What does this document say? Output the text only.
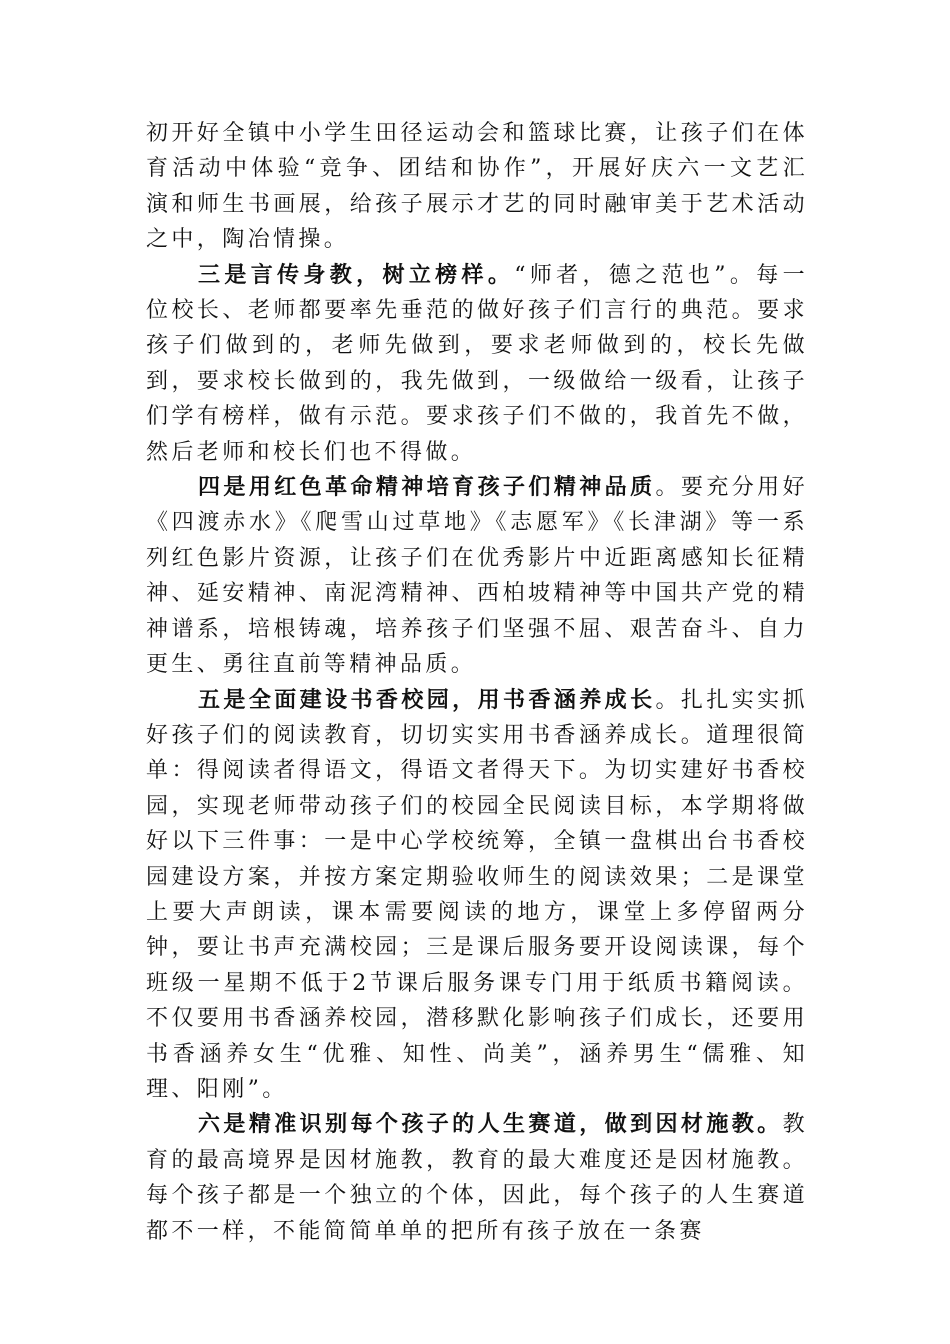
初开好全镇中小学生田径运动会和篮球比赛，让孩子们在体育活动中体验“竞争、团结和协作”，开展好庆六一文艺汇演和师生书画展，给孩子展示才艺的同时融审美于艺术活动之中，陶冶情操。

三是言传身教，树立榜样。“师者，德之范也”。每一位校长、老师都要率先垂范的做好孩子们言行的典范。要求孩子们做到的，老师先做到，要求老师做到的，校长先做到，要求校长做到的，我先做到，一级做给一级看，让孩子们学有榜样，做有示范。要求孩子们不做的，我首先不做，然后老师和校长们也不得做。

四是用红色革命精神培育孩子们精神品质。要充分用好《四渡赤水》《爬雪山过草地》《志愿军》《长津湖》等一系列红色影片资源，让孩子们在优秀影片中近距离感知长征精神、延安精神、南泥湾精神、西柏坡精神等中国共产党的精神谱系，培根铸魂，培养孩子们坚强不屈、艰苦奋斗、自力更生、勇往直前等精神品质。

五是全面建设书香校园，用书香涵养成长。扎扎实实抓好孩子们的阅读教育，切切实实用书香涵养成长。道理很简单：得阅读者得语文，得语文者得天下。为切实建好书香校园，实现老师带动孩子们的校园全民阅读目标，本学期将做好以下三件事：一是中心学校统筹，全镇一盘棋出台书香校园建设方案，并按方案定期验收师生的阅读效果；二是课堂上要大声朗读，课本需要阅读的地方，课堂上多停留两分钟，要让书声充满校园；三是课后服务要开设阅读课，每个班级一星期不低于2节课后服务课专门用于纸质书籍阅读。不仅要用书香涵养校园，潜移默化影响孩子们成长，还要用书香涵养女生“优雅、知性、尚美”，涵养男生“儒雅、知理、阳刚”。

六是精准识别每个孩子的人生赛道，做到因材施教。教育的最高境界是因材施教，教育的最大难度还是因材施教。每个孩子都是一个独立的个体，因此，每个孩子的人生赛道都不一样，不能简简单单的把所有孩子放在一条赛
